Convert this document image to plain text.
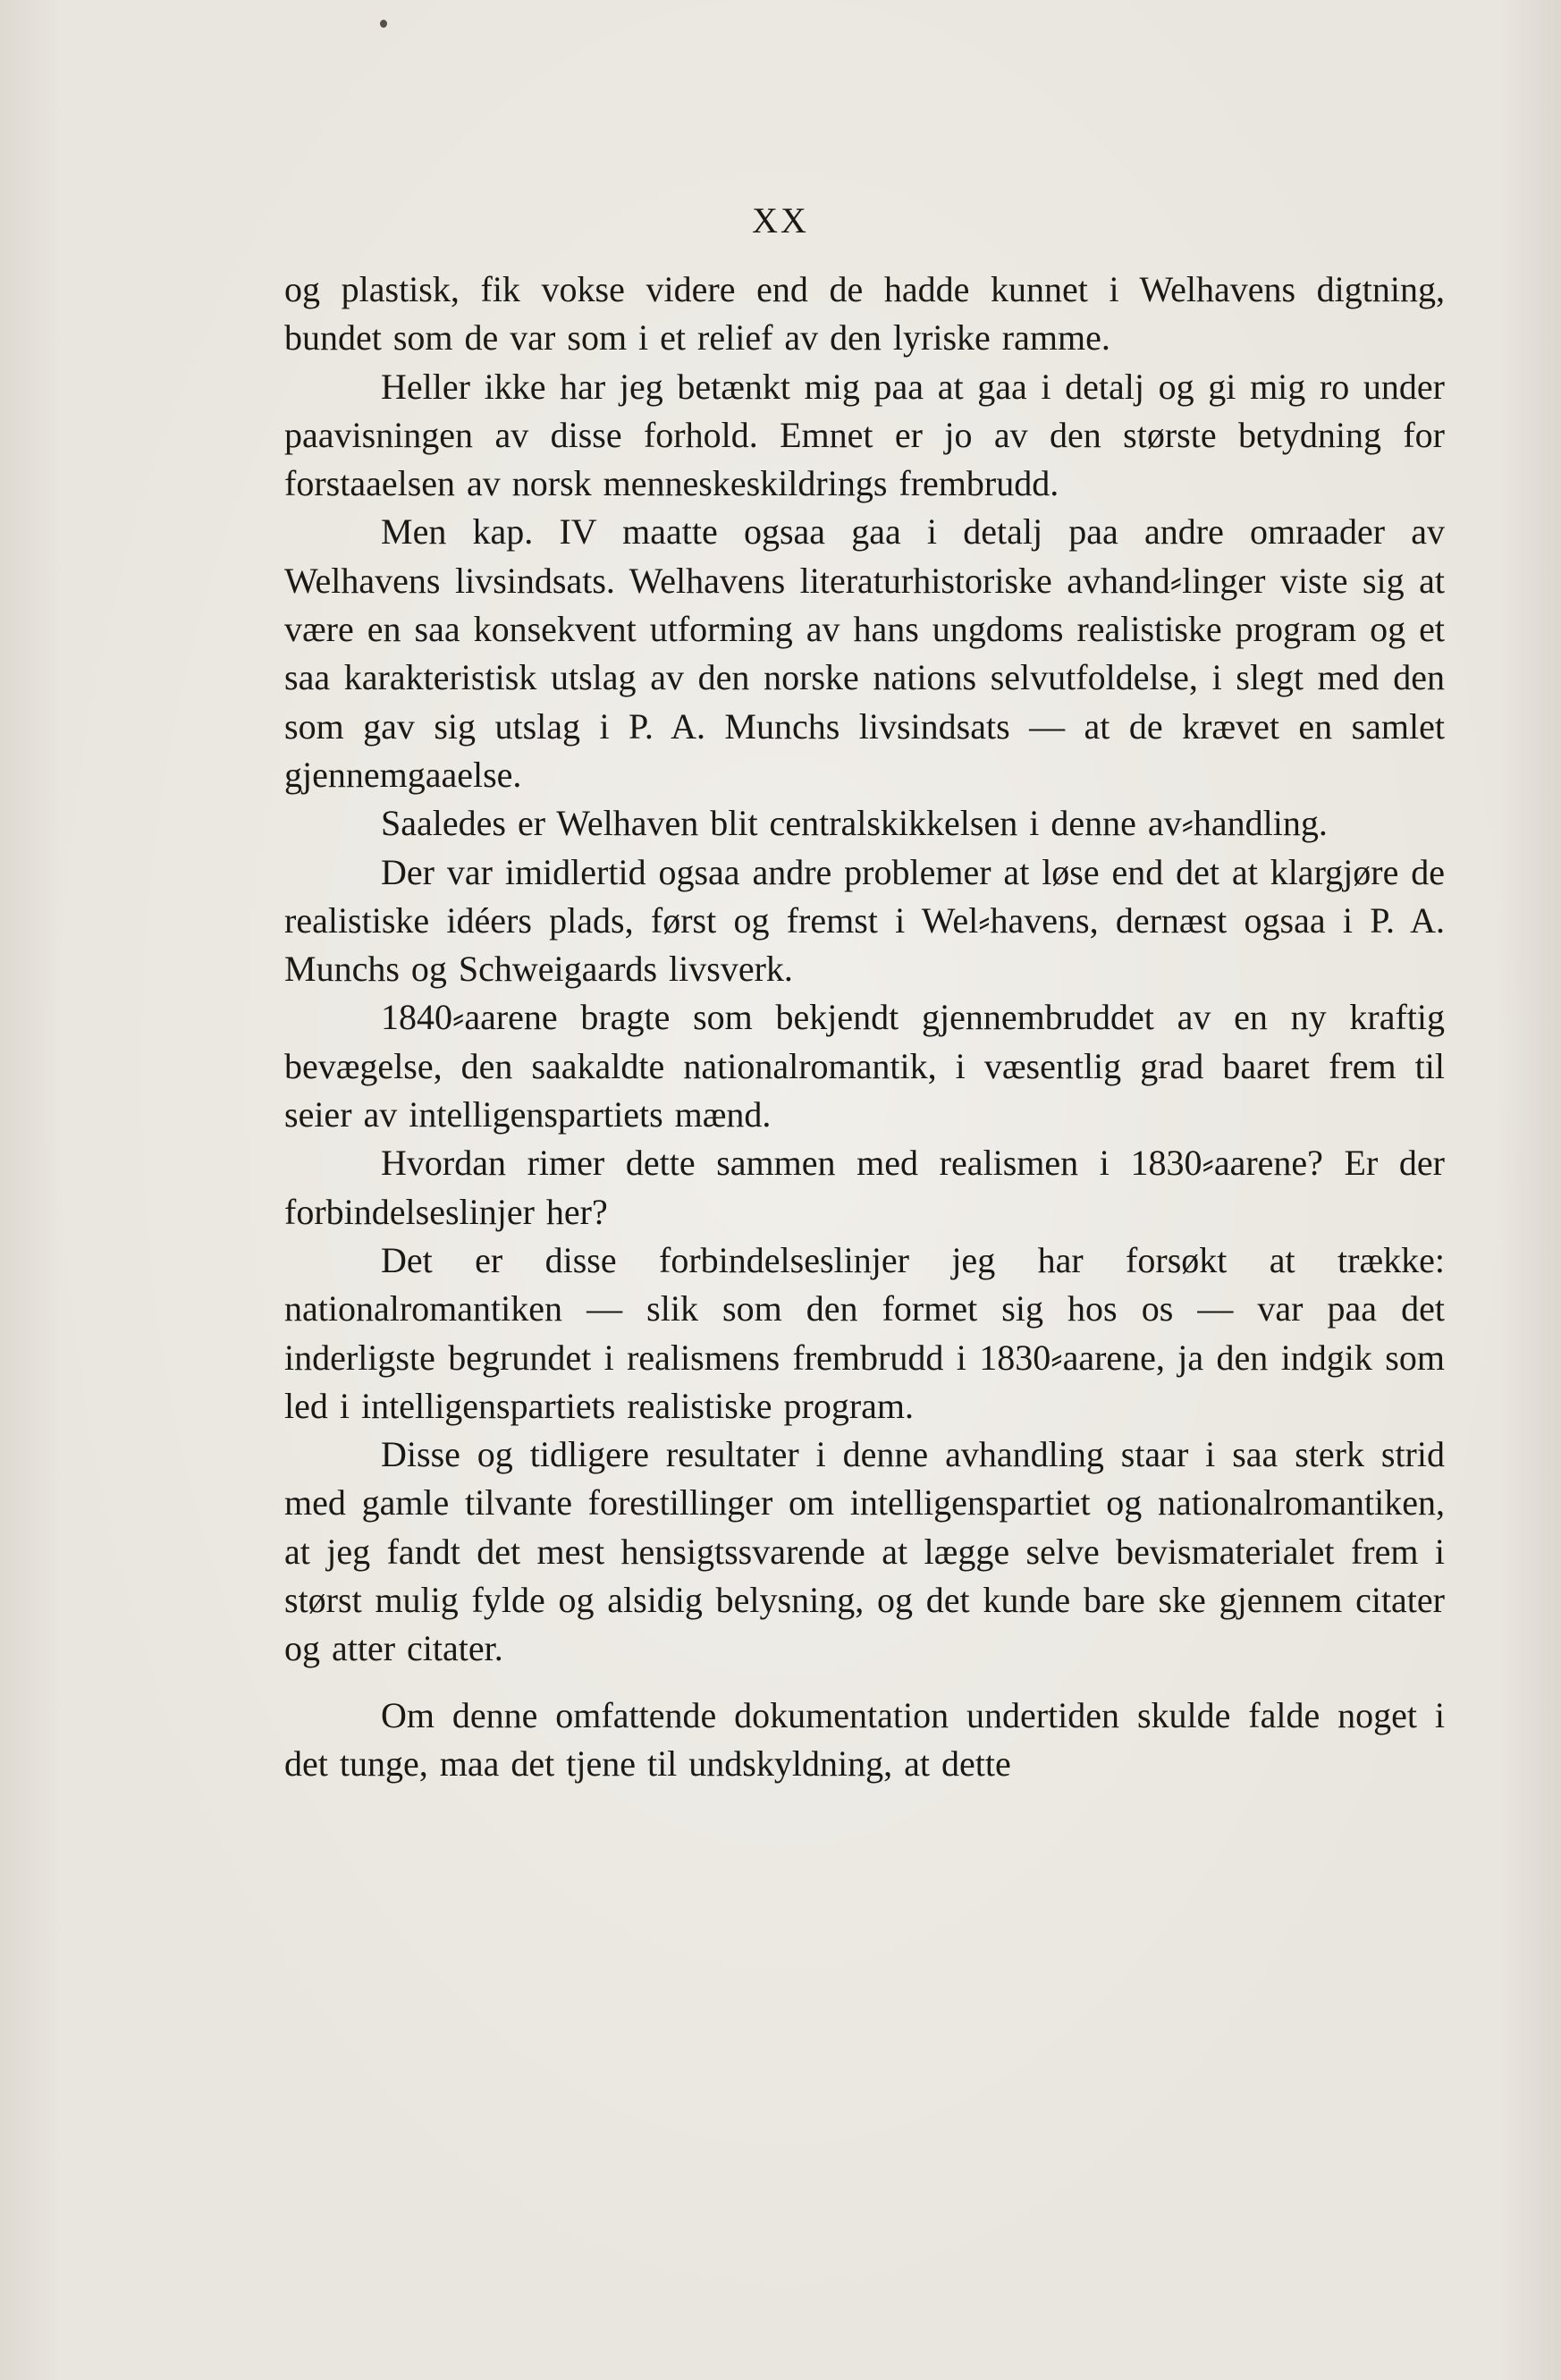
XX

og plastisk, fik vokse videre end de hadde kunnet i Welhavens digtning, bundet som de var som i et relief av den lyriske ramme.

Heller ikke har jeg betænkt mig paa at gaa i detalj og gi mig ro under paavisningen av disse forhold. Emnet er jo av den største betydning for forstaaelsen av norsk menneskeskildrings frembrudd.

Men kap. IV maatte ogsaa gaa i detalj paa andre omraader av Welhavens livsindsats. Welhavens literaturhistoriske avhand⸗linger viste sig at være en saa konsekvent utforming av hans ungdoms realistiske program og et saa karakteristisk utslag av den norske nations selvutfoldelse, i slegt med den som gav sig utslag i P. A. Munchs livsindsats — at de krævet en samlet gjennemgaaelse.

Saaledes er Welhaven blit centralskikkelsen i denne av⸗handling.

Der var imidlertid ogsaa andre problemer at løse end det at klargjøre de realistiske idéers plads, først og fremst i Wel⸗havens, dernæst ogsaa i P. A. Munchs og Schweigaards livsverk.

1840⸗aarene bragte som bekjendt gjennembruddet av en ny kraftig bevægelse, den saakaldte nationalromantik, i væsentlig grad baaret frem til seier av intelligenspartiets mænd.

Hvordan rimer dette sammen med realismen i 1830⸗aarene? Er der forbindelseslinjer her?

Det er disse forbindelseslinjer jeg har forsøkt at trække: nationalromantiken — slik som den formet sig hos os — var paa det inderligste begrundet i realismens frembrudd i 1830⸗aarene, ja den indgik som led i intelligenspartiets realistiske program.

Disse og tidligere resultater i denne avhandling staar i saa sterk strid med gamle tilvante forestillinger om intelligenspartiet og nationalromantiken, at jeg fandt det mest hensigtssvarende at lægge selve bevismaterialet frem i størst mulig fylde og alsidig belysning, og det kunde bare ske gjennem citater og atter citater.

Om denne omfattende dokumentation undertiden skulde falde noget i det tunge, maa det tjene til undskyldning, at dette
